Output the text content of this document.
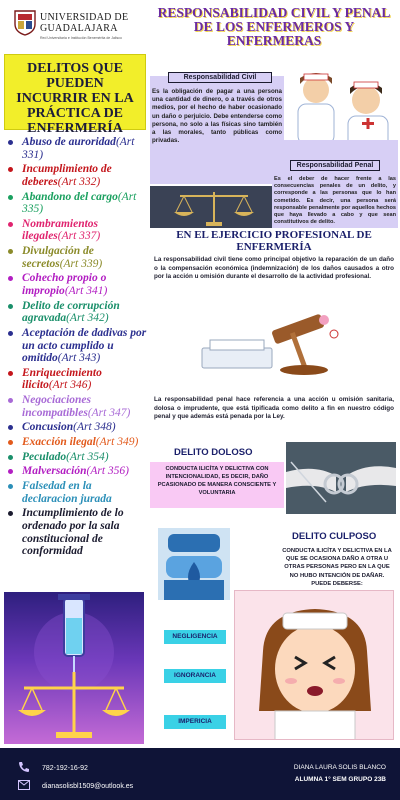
UNIVERSIDAD DE
GUADALAJARA
Red Universitaria e Institución Benemérita de Jalisco
DELITOS QUE PUEDEN INCURRIR EN LA PRÁCTICA DE ENFERMERÍA
Abuso de auroridad(Art 331)
Incumplimiento de deberes(Art 332)
Abandono del cargo(Art 335)
Nombramientos ilegales(Art 337)
Divulgación de secretos(Art 339)
Cohecho propio o impropio(Art 341)
Delito de corrupción agravada(Art 342)
Aceptación de dadivas por un acto cumplido u omitido(Art 343)
Enriquecimiento ilicito(Art 346)
Negociaciones incompatibles(Art 347)
Concusion(Art 348)
Exacción ilegal(Art 349)
Peculado(Art 354)
Malversación(Art 356)
Falsedad en la declaracion jurada
Incumplimiento de lo ordenado por la sala constitucional de conformidad
RESPONSABILIDAD CIVIL Y PENAL DE LOS ENFERMEROS Y ENFERMERAS
Responsabilidad Civil
Es la obligación de pagar a una persona una cantidad de dinero, o a través de otros medios, por el hecho de haber ocasionado un daño o perjuicio. Debe entenderse como persona, no solo a las físicas sino también a las morales, tanto públicas como privadas.
Responsabilidad Penal
Es el deber de hacer frente a las consecuencias penales de un delito, y corresponde a las personas que lo han cometido. Es decir, una persona será responsable penalmente por aquellos hechos que haya llevado a cabo y que sean constitutivos de delito.
EN EL EJERCICIO PROFESIONAL DE ENFERMERÍA
La responsabilidad civil tiene como principal objetivo la reparación de un daño o la compensación económica (indemnización) de los daños causados a otro por la acción u omisión durante el desarrollo de la actividad profesional.
La responsabilidad penal hace referencia a una acción u omisión sanitaria, dolosa o imprudente, que está tipificada como delito a fin en nuestro código penal y que además está penada por la Ley.
DELITO DOLOSO
CONDUCTA ILICÍTA Y DELICTIVA CON INTENCIONALIDAD, ES DECIR, DAÑO PCASIONADO DE MANERA CONSCIENTE Y VOLUNTARIA
DELITO CULPOSO
CONDUCTA ILICÍTA Y DELICTIVA EN LA QUE SE OCASIONA DAÑO A OTRA U OTRAS PERSONAS PERO EN LA QUE NO HUBO INTENCIÓN DE DAÑAR. PUEDE DEBERSE:
NEGLIGENCIA
IGNORANCIA
IMPERICIA
782-192-16-92
dianasolisbl1509@outlook.es
DIANA LAURA SOLIS BLANCO
ALUMNA 1° SEM GRUPO 23B
